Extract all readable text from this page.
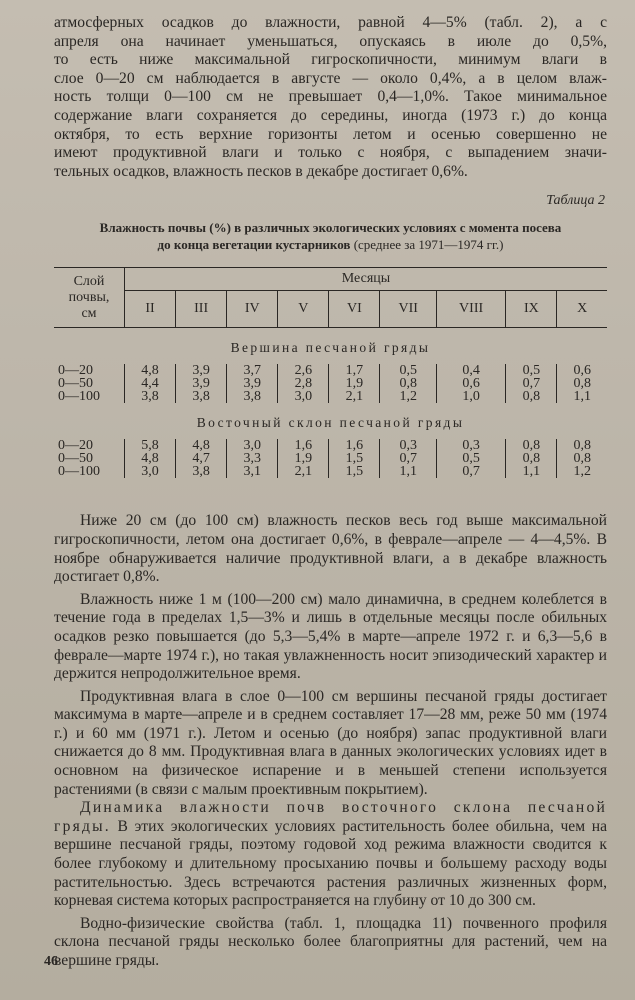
атмосферных осадков до влажности, равной 4—5% (табл. 2), а с
апреля она начинает уменьшаться, опускаясь в июле до 0,5%,
то есть ниже максимальной гигроскопичности, минимум влаги в
слое 0—20 см наблюдается в августе — около 0,4%, а в целом влаж-
ность толщи 0—100 см не превышает 0,4—1,0%. Такое минимальное
содержание влаги сохраняется до середины, иногда (1973 г.) до конца
октября, то есть верхние горизонты летом и осенью совершенно не
имеют продуктивной влаги и только с ноября, с выпадением значи-
тельных осадков, влажность песков в декабре достигает 0,6%.
Таблица 2
Влажность почвы (%) в различных экологических условиях с момента посева
до конца вегетации кустарников (среднее за 1971—1974 гг.)
Слой
почвы,
см	Месяцы								
	II	III	IV	V	VI	VII	VIII	IX	X
Вершина песчаной гряды									
0—20	4,8	3,9	3,7	2,6	1,7	0,5	0,4	0,5	0,6
0—50	4,4	3,9	3,9	2,8	1,9	0,8	0,6	0,7	0,8
0—100	3,8	3,8	3,8	3,0	2,1	1,2	1,0	0,8	1,1
Восточный склон песчаной гряды									
0—20	5,8	4,8	3,0	1,6	1,6	0,3	0,3	0,8	0,8
0—50	4,8	4,7	3,3	1,9	1,5	0,7	0,5	0,8	0,8
0—100	3,0	3,8	3,1	2,1	1,5	1,1	0,7	1,1	1,2

Ниже 20 см (до 100 см) влажность песков весь год выше максимальной гигроскопичности, летом она достигает 0,6%, в феврале—апреле — 4—4,5%. В ноябре обнаруживается наличие продуктивной влаги, а в декабре влажность достигает 0,8%.

Влажность ниже 1 м (100—200 см) мало динамична, в среднем колеблется в течение года в пределах 1,5—3% и лишь в отдельные месяцы после обильных осадков резко повышается (до 5,3—5,4% в марте—апреле 1972 г. и 6,3—5,6 в феврале—марте 1974 г.), но такая увлажненность носит эпизодический характер и держится непродолжительное время.

Продуктивная влага в слое 0—100 см вершины песчаной гряды достигает максимума в марте—апреле и в среднем составляет 17—28 мм, реже 50 мм (1974 г.) и 60 мм (1971 г.). Летом и осенью (до ноября) запас продуктивной влаги снижается до 8 мм. Продуктивная влага в данных экологических условиях идет в основном на физическое испарение и в меньшей степени используется растениями (в связи с малым проективным покрытием).

Динамика влажности почв восточного склона песчаной гряды. В этих экологических условиях растительность более обильна, чем на вершине песчаной гряды, поэтому годовой ход режима влажности сводится к более глубокому и длительному просыханию почвы и большему расходу воды растительностью. Здесь встречаются растения различных жизненных форм, корневая система которых распространяется на глубину от 10 до 300 см.

Водно-физические свойства (табл. 1, площадка 11) почвенного профиля склона песчаной гряды несколько более благоприятны для растений, чем на вершине гряды.

46
